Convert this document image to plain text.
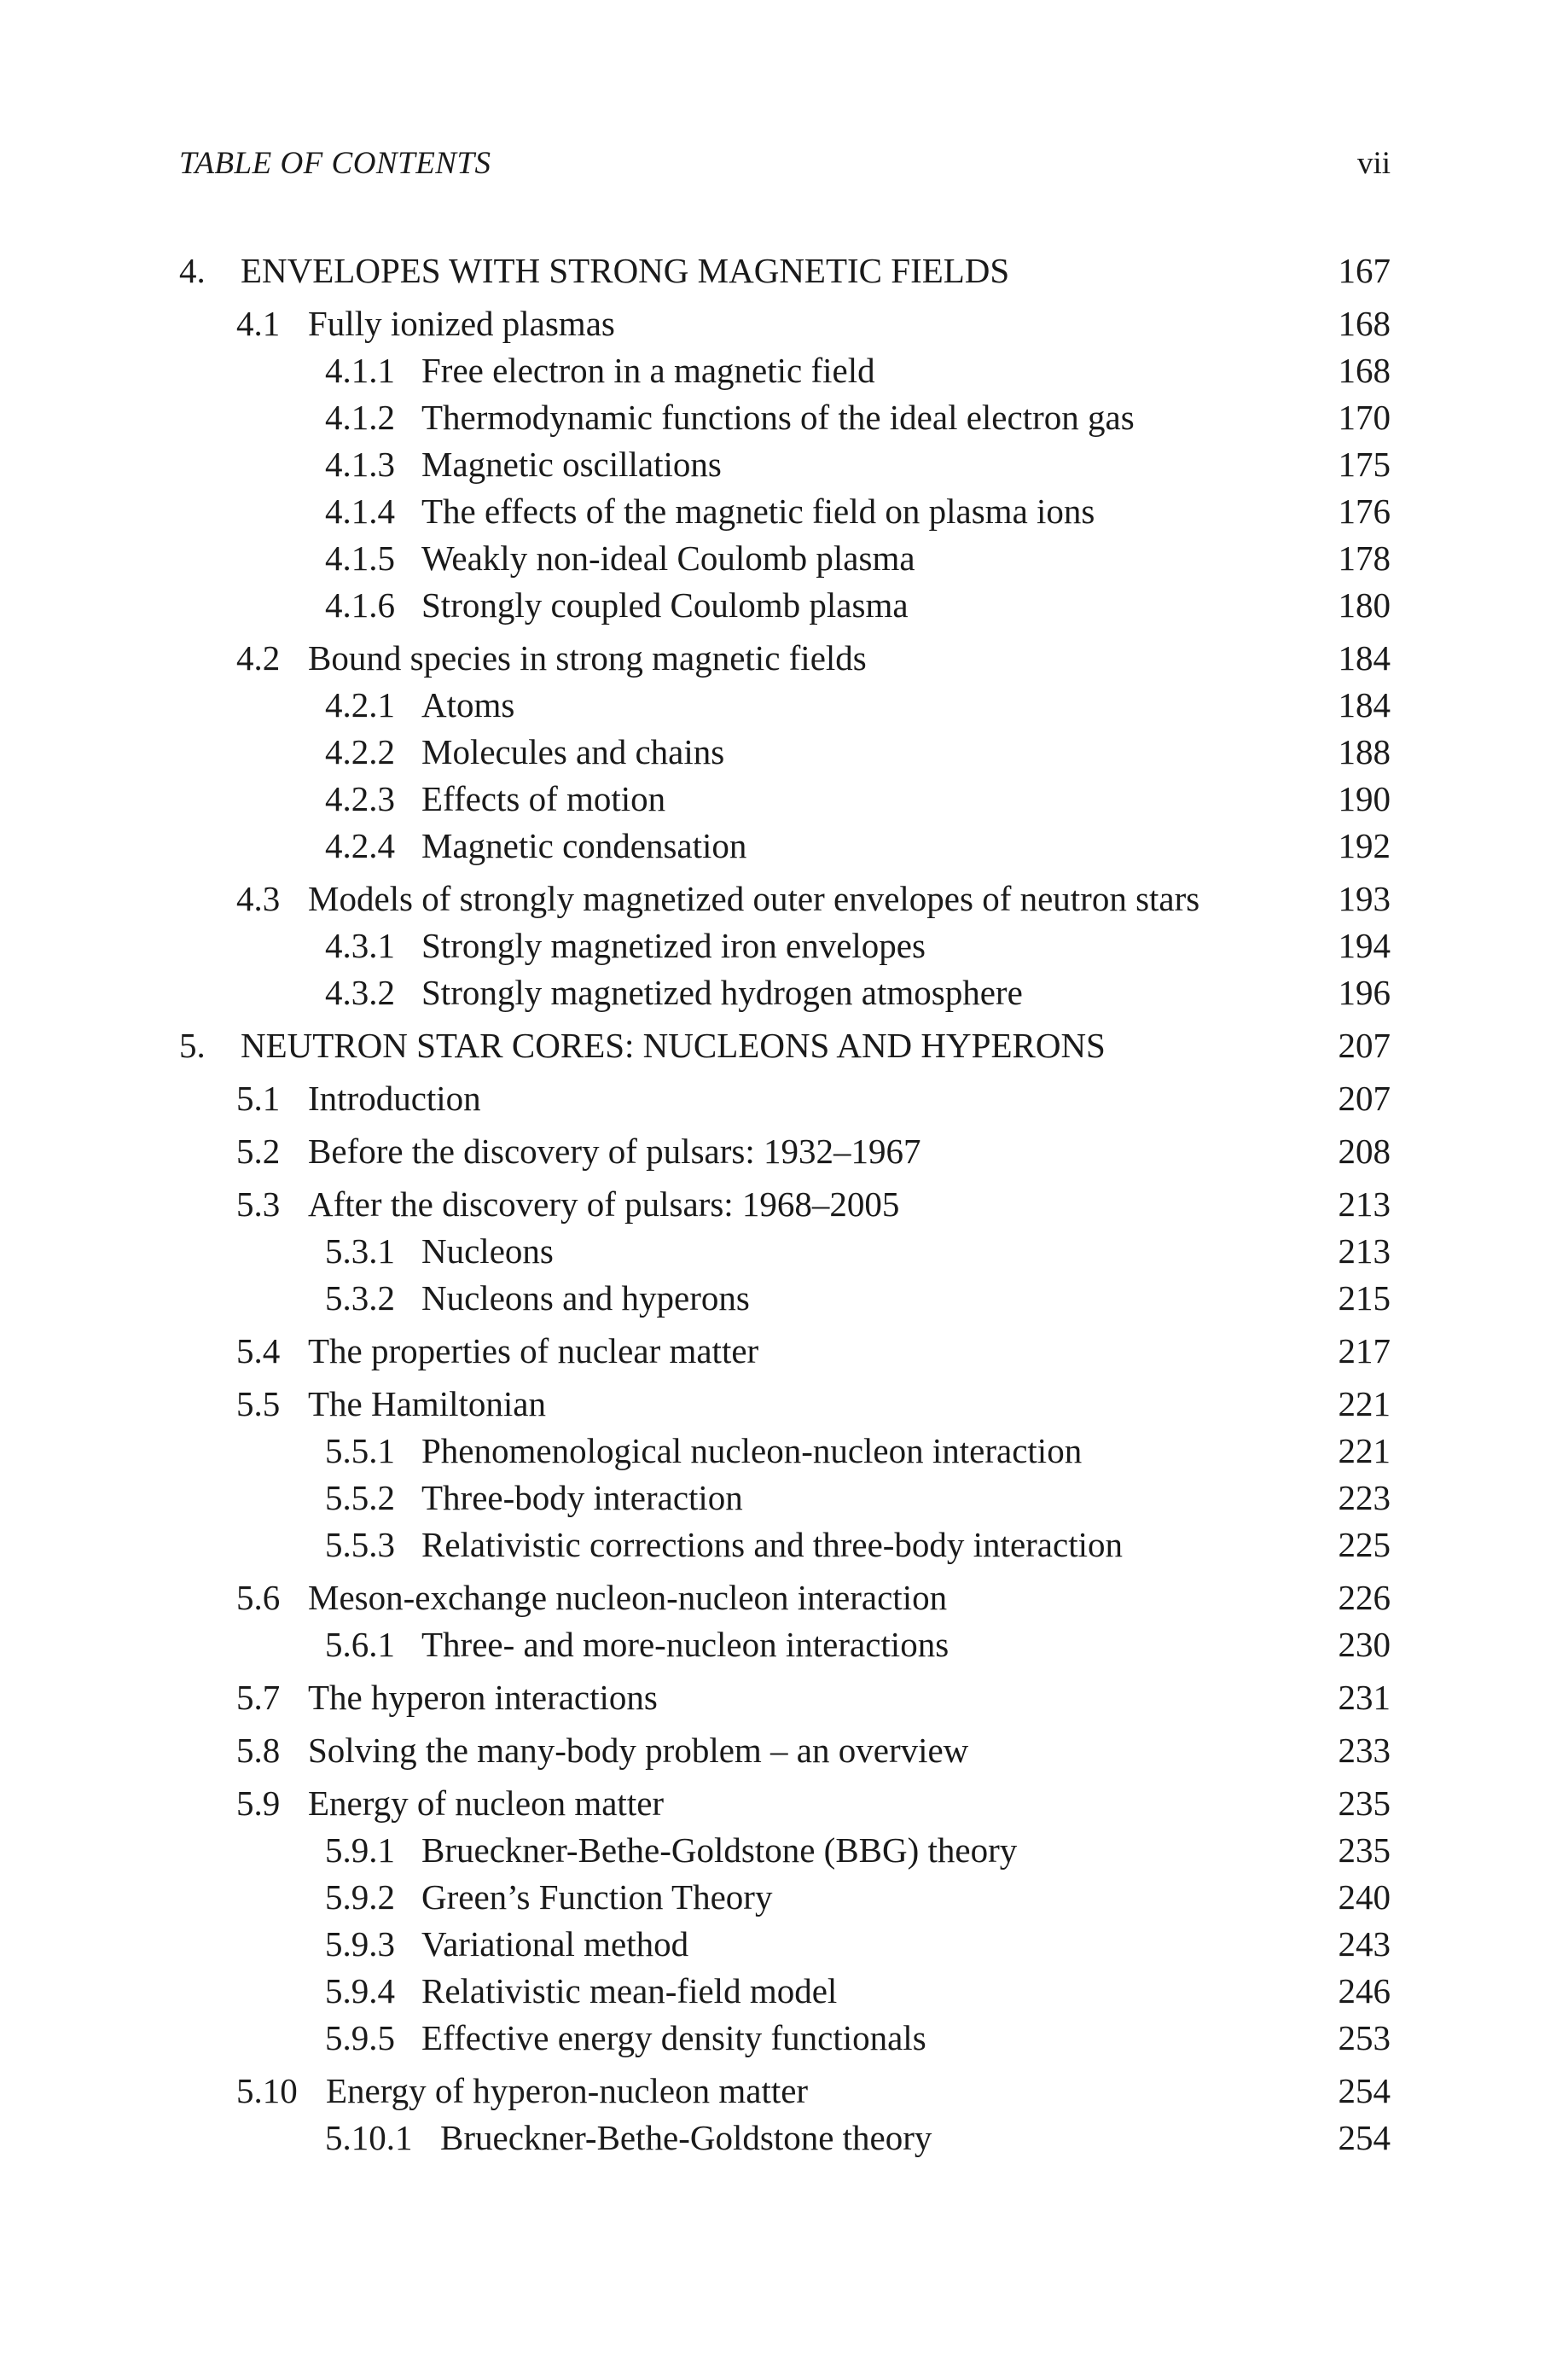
TABLE OF CONTENTS	vii
4. ENVELOPES WITH STRONG MAGNETIC FIELDS	167
4.1 Fully ionized plasmas	168
4.1.1 Free electron in a magnetic field	168
4.1.2 Thermodynamic functions of the ideal electron gas	170
4.1.3 Magnetic oscillations	175
4.1.4 The effects of the magnetic field on plasma ions	176
4.1.5 Weakly non-ideal Coulomb plasma	178
4.1.6 Strongly coupled Coulomb plasma	180
4.2 Bound species in strong magnetic fields	184
4.2.1 Atoms	184
4.2.2 Molecules and chains	188
4.2.3 Effects of motion	190
4.2.4 Magnetic condensation	192
4.3 Models of strongly magnetized outer envelopes of neutron stars	193
4.3.1 Strongly magnetized iron envelopes	194
4.3.2 Strongly magnetized hydrogen atmosphere	196
5. NEUTRON STAR CORES: NUCLEONS AND HYPERONS	207
5.1 Introduction	207
5.2 Before the discovery of pulsars: 1932–1967	208
5.3 After the discovery of pulsars: 1968–2005	213
5.3.1 Nucleons	213
5.3.2 Nucleons and hyperons	215
5.4 The properties of nuclear matter	217
5.5 The Hamiltonian	221
5.5.1 Phenomenological nucleon-nucleon interaction	221
5.5.2 Three-body interaction	223
5.5.3 Relativistic corrections and three-body interaction	225
5.6 Meson-exchange nucleon-nucleon interaction	226
5.6.1 Three- and more-nucleon interactions	230
5.7 The hyperon interactions	231
5.8 Solving the many-body problem – an overview	233
5.9 Energy of nucleon matter	235
5.9.1 Brueckner-Bethe-Goldstone (BBG) theory	235
5.9.2 Green’s Function Theory	240
5.9.3 Variational method	243
5.9.4 Relativistic mean-field model	246
5.9.5 Effective energy density functionals	253
5.10 Energy of hyperon-nucleon matter	254
5.10.1 Brueckner-Bethe-Goldstone theory	254
